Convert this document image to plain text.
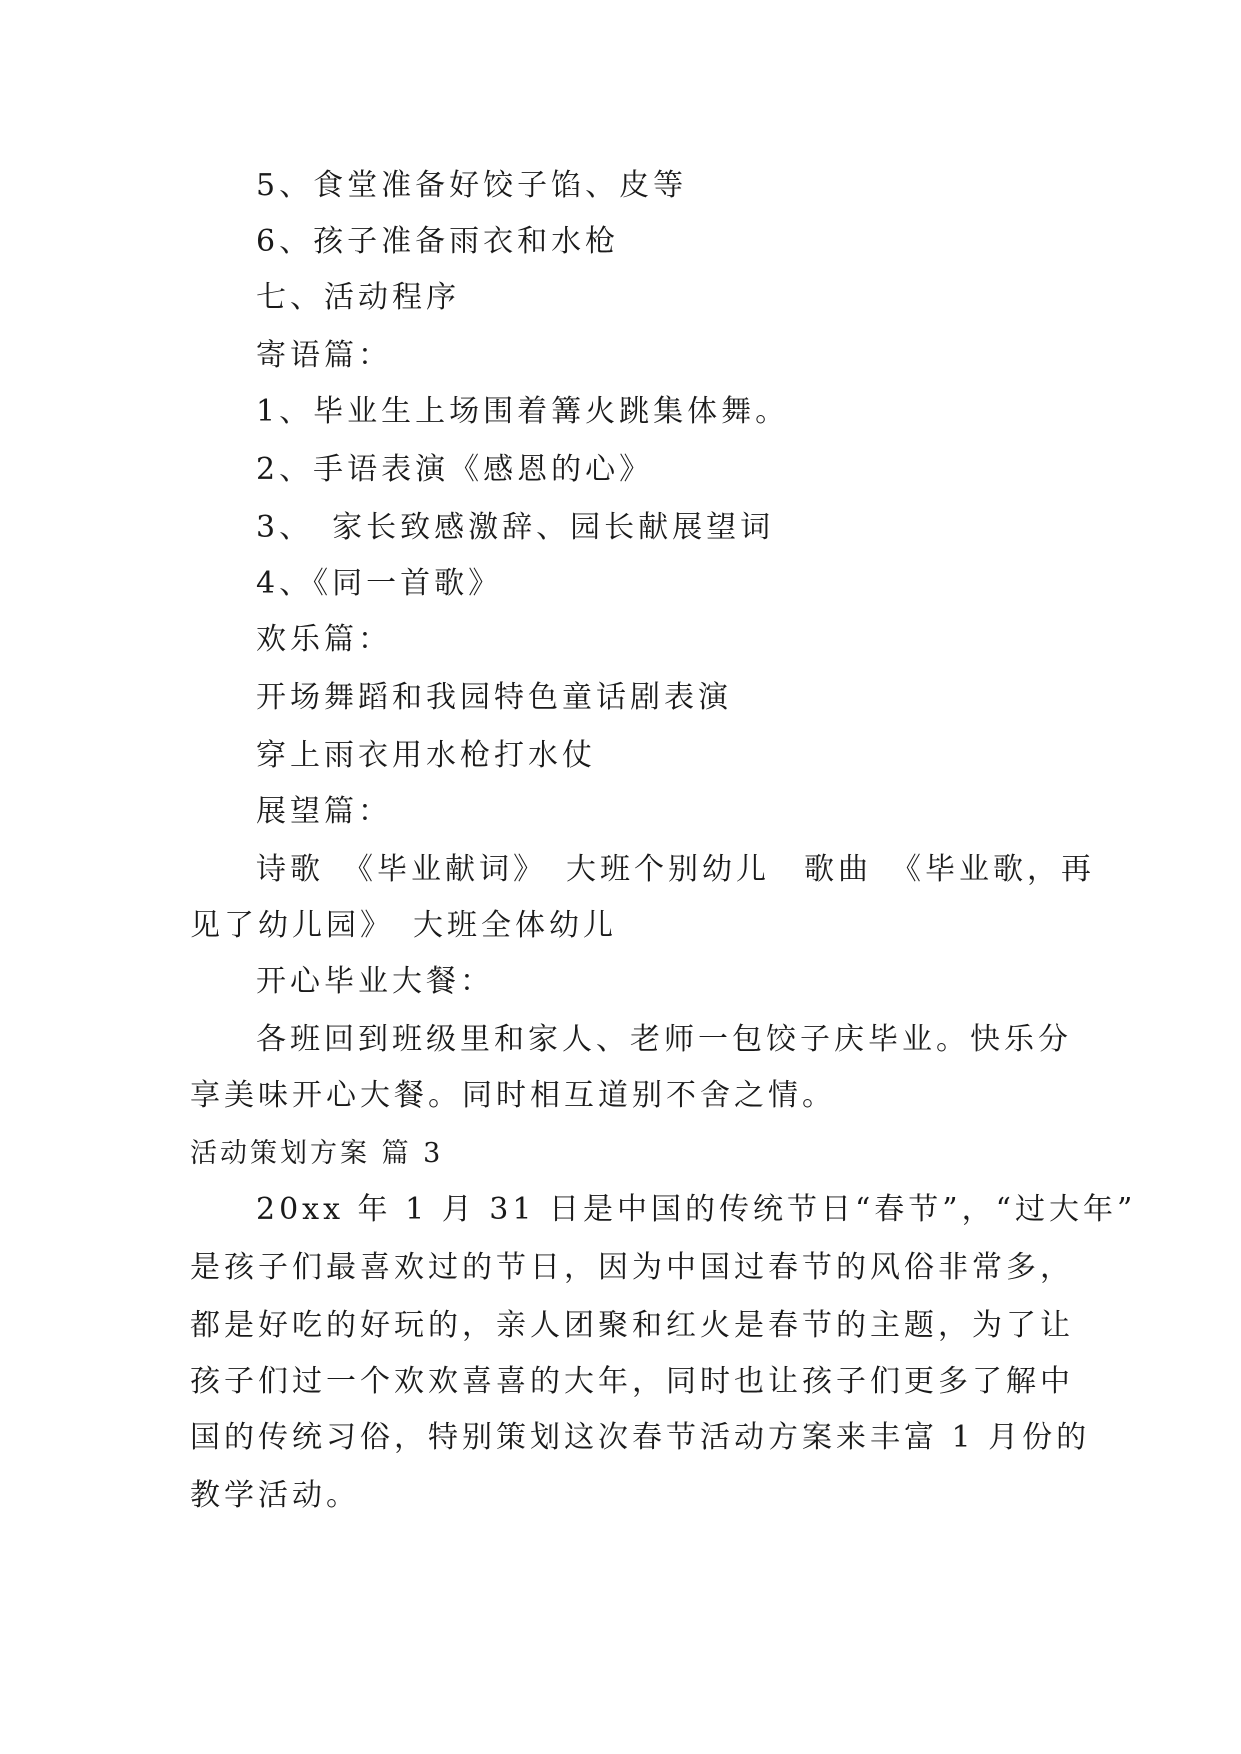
5、食堂准备好饺子馅、皮等
6、孩子准备雨衣和水枪
七、活动程序
寄语篇：
1、毕业生上场围着篝火跳集体舞。
2、手语表演《感恩的心》
3、　家长致感激辞、园长献展望词
4、《同一首歌》
欢乐篇：
开场舞蹈和我园特色童话剧表演
穿上雨衣用水枪打水仗
展望篇：
诗歌　《毕业献词》　大班个别幼儿　歌曲　《毕业歌，再
见了幼儿园》　大班全体幼儿
开心毕业大餐：
各班回到班级里和家人、老师一包饺子庆毕业。快乐分
享美味开心大餐。同时相互道别不舍之情。
活动策划方案 篇 3
20xx 年 1 月 31 日是中国的传统节日“春节”，“过大年”
是孩子们最喜欢过的节日，因为中国过春节的风俗非常多，
都是好吃的好玩的，亲人团聚和红火是春节的主题，为了让
孩子们过一个欢欢喜喜的大年，同时也让孩子们更多了解中
国的传统习俗，特别策划这次春节活动方案来丰富 1 月份的
教学活动。
